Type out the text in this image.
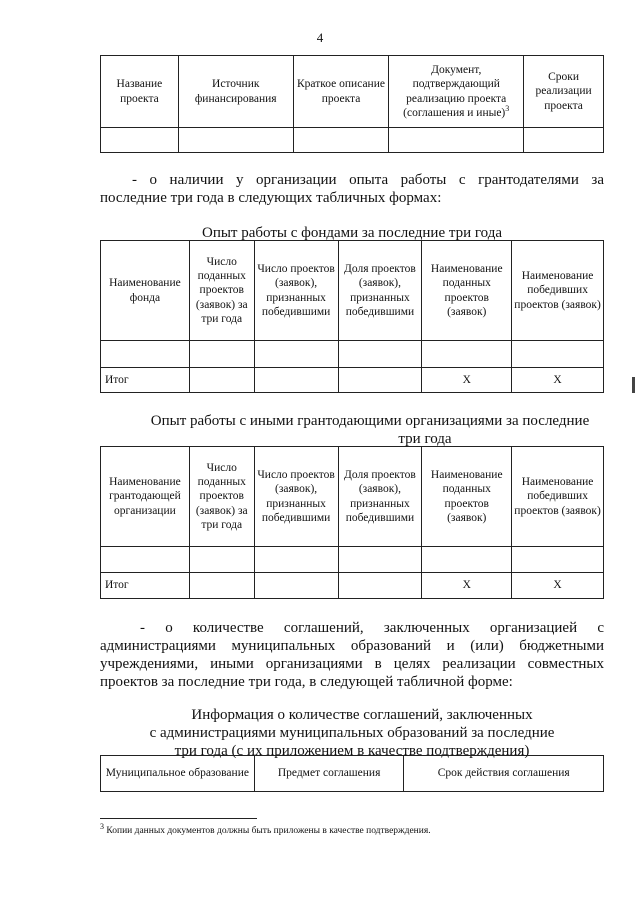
4
Название проекта	Источник финансирования	Краткое описание проекта	Документ, подтверждающий реализацию проекта (соглашения и иные)$^3$	Сроки реализации проекта

- о наличии у организации опыта работы с грантодателями за
последние три года в следующих табличных формах:
Опыт работы с фондами за последние три года
Наименование фонда	Число поданных проектов (заявок) за три года	Число проектов (заявок), признанных победившими	Доля проектов (заявок), признанных победившими	Наименование поданных проектов (заявок)	Наименование победивших проектов (заявок)

Итог				X	X
Опыт работы с иными грантодающими организациями за последние
три года
Наименование грантодающей организации	Число поданных проектов (заявок) за три года	Число проектов (заявок), признанных победившими	Доля проектов (заявок), признанных победившими	Наименование поданных проектов (заявок)	Наименование победивших проектов (заявок)

Итог				X	X
- о количестве соглашений, заключенных организацией с
администрациями муниципальных образований и (или) бюджетными
учреждениями, иными организациями в целях реализации совместных
проектов за последние три года, в следующей табличной форме:
Информация о количестве соглашений, заключенных
с администрациями муниципальных образований за последние
три года (с их приложением в качестве подтверждения)
Муниципальное образование	Предмет соглашения	Срок действия соглашения
$^3$ Копии данных документов должны быть приложены в качестве подтверждения.
